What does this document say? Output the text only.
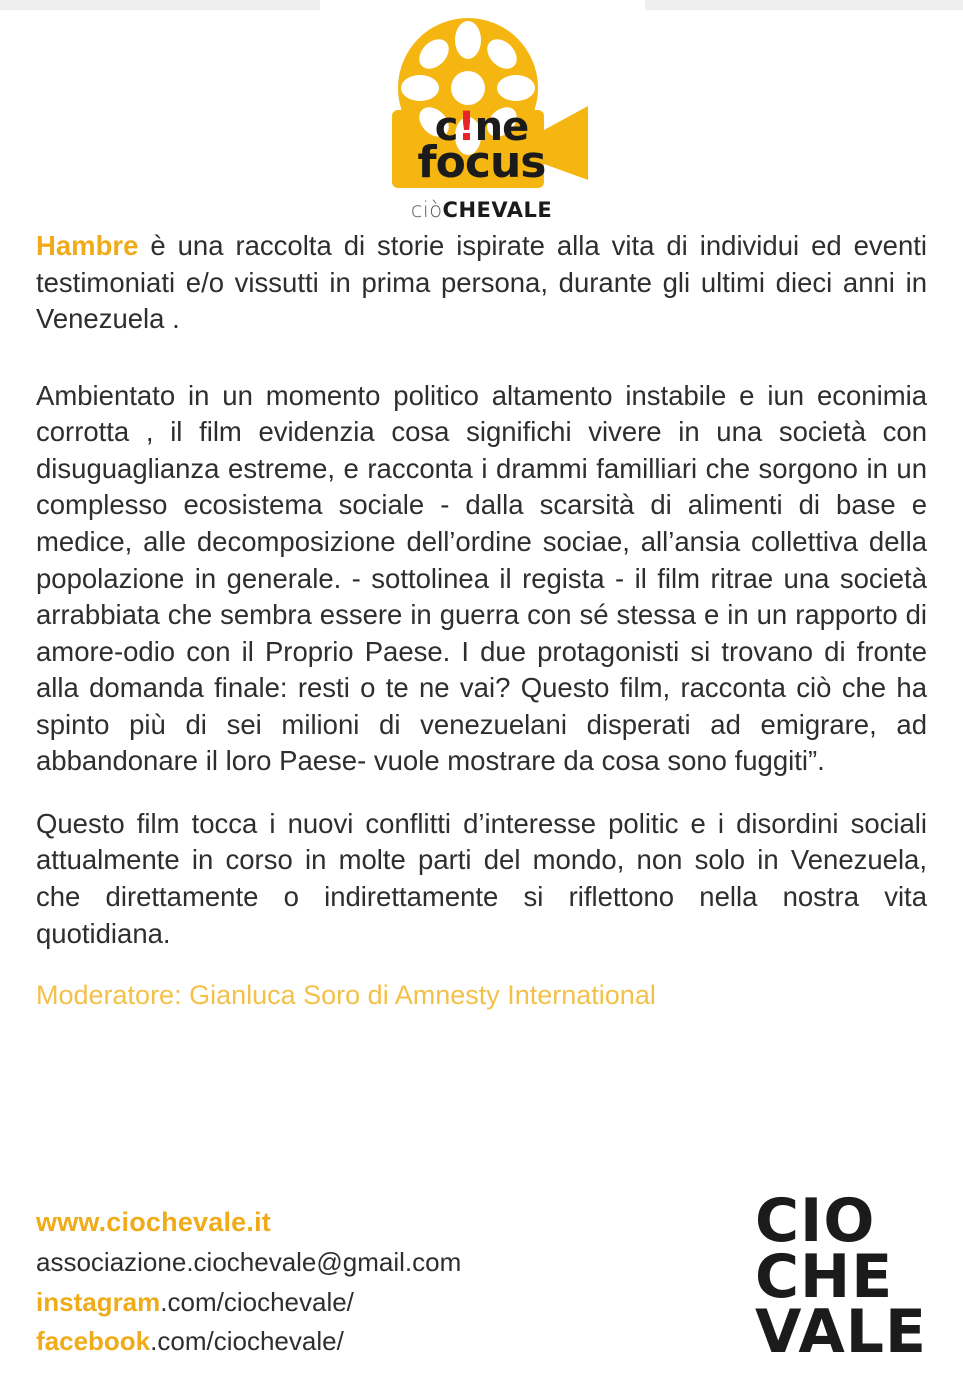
c!ne
focus
ciòCHEVALE

Hambre è una raccolta di storie ispirate alla vita di individui ed eventi testimoniati e/o vissutti in prima persona, durante gli ultimi dieci anni in Venezuela .

Ambientato in un momento politico altamento instabile e iun econimia corrotta , il film evidenzia cosa significhi vivere in una società con disuguaglianza estreme, e racconta i drammi familliari che sorgono in un complesso ecosistema sociale - dalla scarsità di alimenti di base e medice, alle decomposizione dell’ordine sociae, all’ansia collettiva della popolazione in generale. - sottolinea il regista - il film ritrae una società arrabbiata che sembra essere in guerra con sé stessa e in un rapporto di amore-odio con il Proprio Paese. I due protagonisti si trovano di fronte alla domanda finale: resti o te ne vai? Questo film, racconta ciò che ha spinto più di sei milioni di venezuelani disperati ad emigrare, ad abbandonare il loro Paese- vuole mostrare da cosa sono fuggiti”.

Questo film tocca i nuovi conflitti d’interesse politic e i disordini sociali attualmente in corso in molte parti del mondo, non solo in Venezuela, che direttamente o indirettamente si riflettono nella nostra vita quotidiana.

Moderatore: Gianluca Soro di Amnesty International

www.ciochevale.it
associazione.ciochevale@gmail.com
instagram.com/ciochevale/
facebook.com/ciochevale/
CIO
CHE
VALE
